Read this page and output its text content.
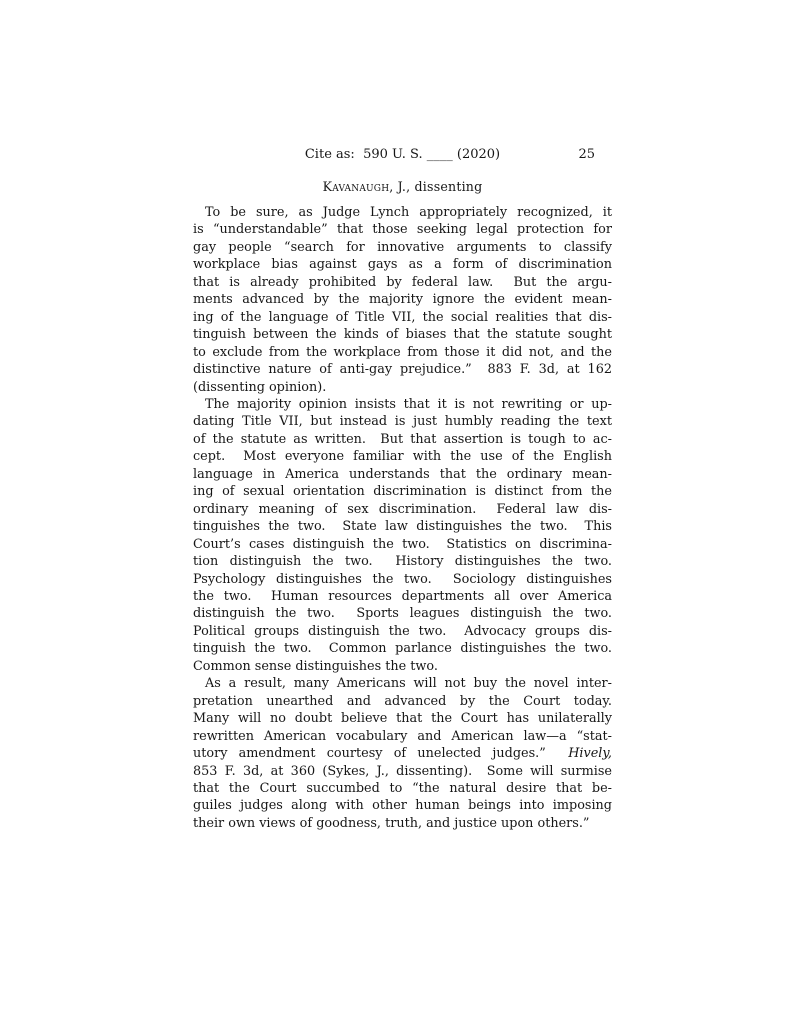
Cite as:  590 U. S. ____ (2020)	25
Kavanaugh, J., dissenting
To be sure, as Judge Lynch appropriately recognized, it
is “understandable” that those seeking legal protection for
gay people “search for innovative arguments to classify
workplace bias against gays as a form of discrimination
that is already prohibited by federal law.  But the argu-
ments advanced by the majority ignore the evident mean-
ing of the language of Title VII, the social realities that dis-
tinguish between the kinds of biases that the statute sought
to exclude from the workplace from those it did not, and the
distinctive nature of anti-gay prejudice.”  883 F. 3d, at 162
(dissenting opinion).
The majority opinion insists that it is not rewriting or up-
dating Title VII, but instead is just humbly reading the text
of the statute as written.  But that assertion is tough to ac-
cept.  Most everyone familiar with the use of the English
language in America understands that the ordinary mean-
ing of sexual orientation discrimination is distinct from the
ordinary meaning of sex discrimination.  Federal law dis-
tinguishes the two.  State law distinguishes the two.  This
Court’s cases distinguish the two.  Statistics on discrimina-
tion distinguish the two.  History distinguishes the two.
Psychology distinguishes the two.  Sociology distinguishes
the two.  Human resources departments all over America
distinguish the two.  Sports leagues distinguish the two.
Political groups distinguish the two.  Advocacy groups dis-
tinguish the two.  Common parlance distinguishes the two.
Common sense distinguishes the two.
As a result, many Americans will not buy the novel inter-
pretation unearthed and advanced by the Court today.
Many will no doubt believe that the Court has unilaterally
rewritten American vocabulary and American law—a “stat-
utory amendment courtesy of unelected judges.”  Hively,
853 F. 3d, at 360 (Sykes, J., dissenting).  Some will surmise
that the Court succumbed to “the natural desire that be-
guiles judges along with other human beings into imposing
their own views of goodness, truth, and justice upon others.”
